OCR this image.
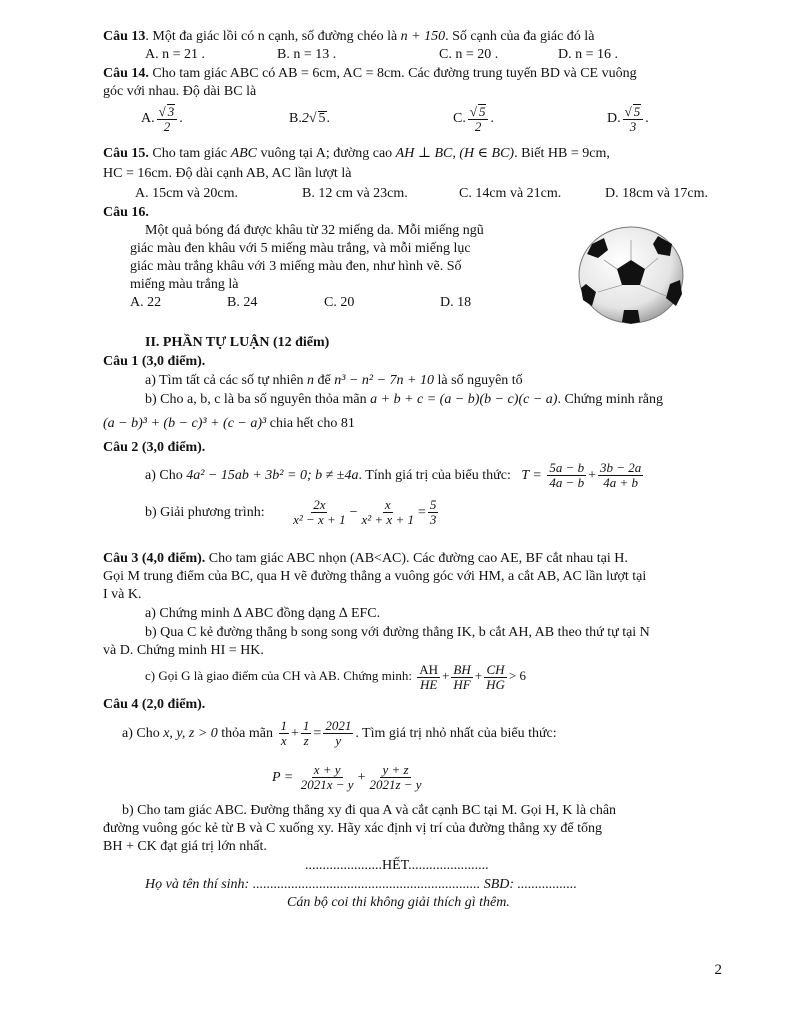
Câu 13. Một đa giác lồi có n cạnh, số đường chéo là n + 150. Số cạnh của đa giác đó là
A. n = 21 .	B. n = 13 .	C. n = 20 .	D. n = 16 .
Câu 14. Cho tam giác ABC có AB = 6cm, AC = 8cm. Các đường trung tuyến BD và CE vuông
góc với nhau. Độ dài BC là
A. $\frac{√ 3}{2}$ .	B.2√ 5.	C. $\frac{√ 5}{2}$ .	D. $\frac{√ 5}{3}$ .
Câu 15. Cho tam giác ABC vuông tại A; đường cao AH ⊥ BC, (H ∈ BC). Biết HB = 9cm,
HC = 16cm. Độ dài cạnh AB, AC lần lượt là
A. 15cm và 20cm.	B. 12 cm và 23cm.	C. 14cm và 21cm.	D. 18cm và 17cm.
Câu 16.
Một quả bóng đá được khâu từ 32 miếng da. Mỗi miếng ngũ
giác màu đen khâu với 5 miếng màu trắng, và mỗi miếng lục
giác màu trắng khâu với 3 miếng màu đen, như hình vẽ. Số
miếng màu trắng là
A. 22	B. 24	C. 20	D. 18
II. PHẦN TỰ LUẬN (12 điểm)
Câu 1 (3,0 điểm).
a) Tìm tất cả các số tự nhiên n để n³ − n² − 7n + 10 là số nguyên tố
b) Cho a, b, c là ba số nguyên thỏa mãn a + b + c = (a − b)(b − c)(c − a). Chứng minh rằng
(a − b)³ + (b − c)³ + (c − a)³ chia hết cho 81
Câu 2 (3,0 điểm).
a) Cho 4a² − 15ab + 3b² = 0; b ≠ ±4a. Tính giá trị của biểu thức: $T = \frac{5a - b}{4a - b} + \frac{3b - 2a}{4a + b}$
b) Giải phương trình: $\frac{2x}{\text{x² − x + 1}} - \frac{x}{\text{x² + x + 1}} = \frac{5}{3}$
Câu 3 (4,0 điểm). Cho tam giác ABC nhọn (AB<AC). Các đường cao AE, BF cắt nhau tại H.
Gọi M trung điểm của BC, qua H vẽ đường thẳng a vuông góc với HM, a cắt AB, AC lần lượt tại
I và K.
a) Chứng minh ∆ ABC đồng dạng ∆ EFC.
b) Qua C kẻ đường thẳng b song song với đường thẳng IK, b cắt AH, AB theo thứ tự tại N
và D. Chứng minh HI = HK.
c) Gọi G là giao điểm của CH và AB. Chứng minh: $\frac{AH}{HE} + \frac{BH}{HF} + \frac{CH}{HG} > 6$
Câu 4 (2,0 điểm).
a) Cho x, y, z > 0 thỏa mãn $\frac{1}{x} + \frac{1}{z} = \frac{2021}{y}$ . Tìm giá trị nhỏ nhất của biểu thức:
$P = \frac{x + y}{2021x - y} + \frac{y + z}{2021z - y}$
b) Cho tam giác ABC. Đường thẳng xy đi qua A và cắt cạnh BC tại M. Gọi H, K là chân
đường vuông góc kẻ từ B và C xuống xy. Hãy xác định vị trí của đường thẳng xy để tổng
BH + CK đạt giá trị lớn nhất.
......................HẾT.......................
Họ và tên thí sinh: ................................................................. SBD: .................
Cán bộ coi thi không giải thích gì thêm.
2
